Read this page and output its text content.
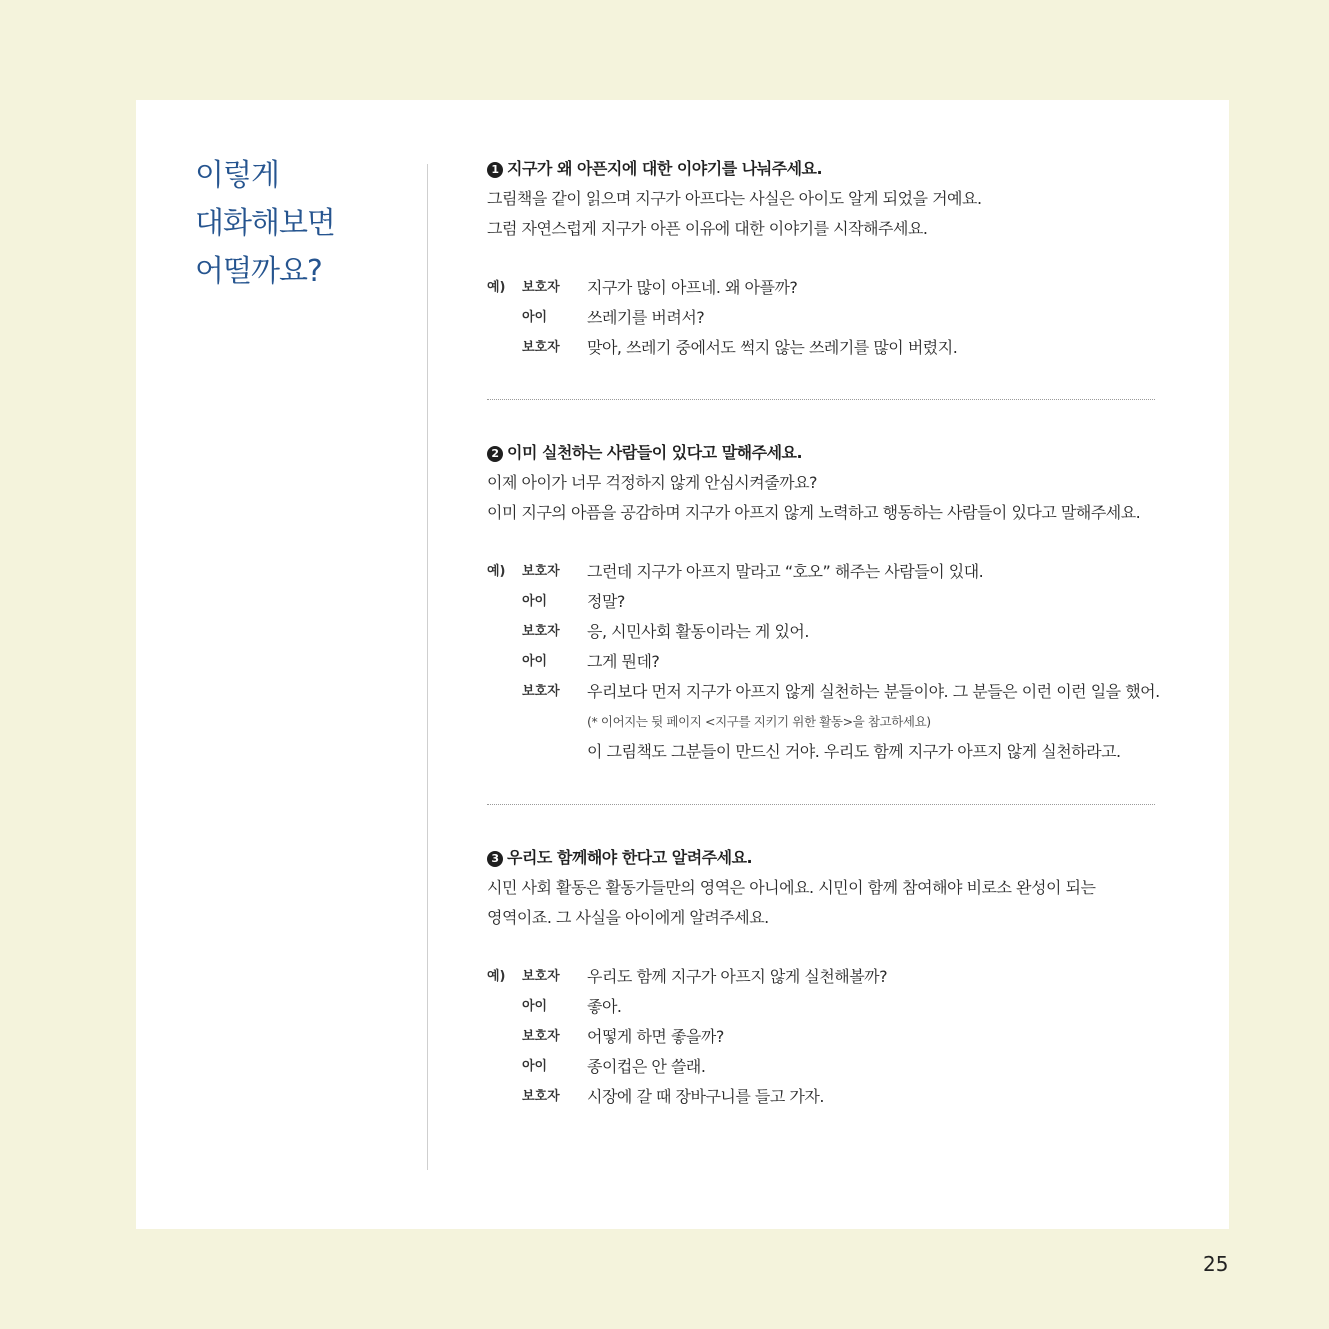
이렇게
대화해보면
어떨까요?
1 지구가 왜 아픈지에 대한 이야기를 나눠주세요.
그림책을 같이 읽으며 지구가 아프다는 사실은 아이도 알게 되었을 거예요.
그럼 자연스럽게 지구가 아픈 이유에 대한 이야기를 시작해주세요.
예) 보호자 지구가 많이 아프네. 왜 아플까?
아이 쓰레기를 버려서?
보호자 맞아, 쓰레기 중에서도 썩지 않는 쓰레기를 많이 버렸지.
2 이미 실천하는 사람들이 있다고 말해주세요.
이제 아이가 너무 걱정하지 않게 안심시켜줄까요?
이미 지구의 아픔을 공감하며 지구가 아프지 않게 노력하고 행동하는 사람들이 있다고 말해주세요.
예) 보호자 그런데 지구가 아프지 말라고 “호오” 해주는 사람들이 있대.
아이 정말?
보호자 응, 시민사회 활동이라는 게 있어.
아이 그게 뭔데?
보호자 우리보다 먼저 지구가 아프지 않게 실천하는 분들이야. 그 분들은 이런 이런 일을 했어.
(* 이어지는 뒷 페이지 <지구를 지키기 위한 활동>을 참고하세요)
이 그림책도 그분들이 만드신 거야. 우리도 함께 지구가 아프지 않게 실천하라고.
3 우리도 함께해야 한다고 알려주세요.
시민 사회 활동은 활동가들만의 영역은 아니에요. 시민이 함께 참여해야 비로소 완성이 되는
영역이죠. 그 사실을 아이에게 알려주세요.
예) 보호자 우리도 함께 지구가 아프지 않게 실천해볼까?
아이 좋아.
보호자 어떻게 하면 좋을까?
아이 종이컵은 안 쓸래.
보호자 시장에 갈 때 장바구니를 들고 가자.
25
